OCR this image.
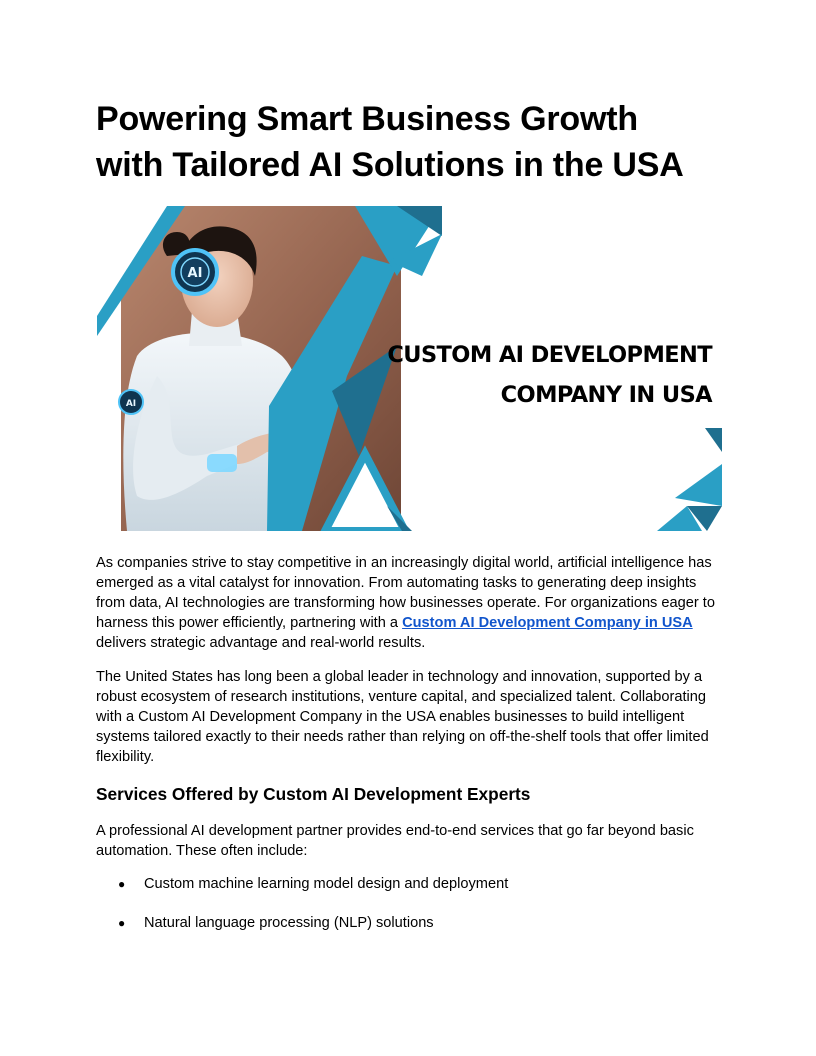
Powering Smart Business Growth
with Tailored AI Solutions in the USA
AI
AI
CUSTOM AI DEVELOPMENT
COMPANY IN USA

As companies strive to stay competitive in an increasingly digital world, artificial intelligence has emerged as a vital catalyst for innovation. From automating tasks to generating deep insights from data, AI technologies are transforming how businesses operate. For organizations eager to harness this power efficiently, partnering with a Custom AI Development Company in USA delivers strategic advantage and real-world results.

The United States has long been a global leader in technology and innovation, supported by a robust ecosystem of research institutions, venture capital, and specialized talent. Collaborating with a Custom AI Development Company in the USA enables businesses to build intelligent systems tailored exactly to their needs rather than relying on off-the-shelf tools that offer limited flexibility.

Services Offered by Custom AI Development Experts

A professional AI development partner provides end-to-end services that go far beyond basic automation. These often include:

● Custom machine learning model design and deployment
● Natural language processing (NLP) solutions
